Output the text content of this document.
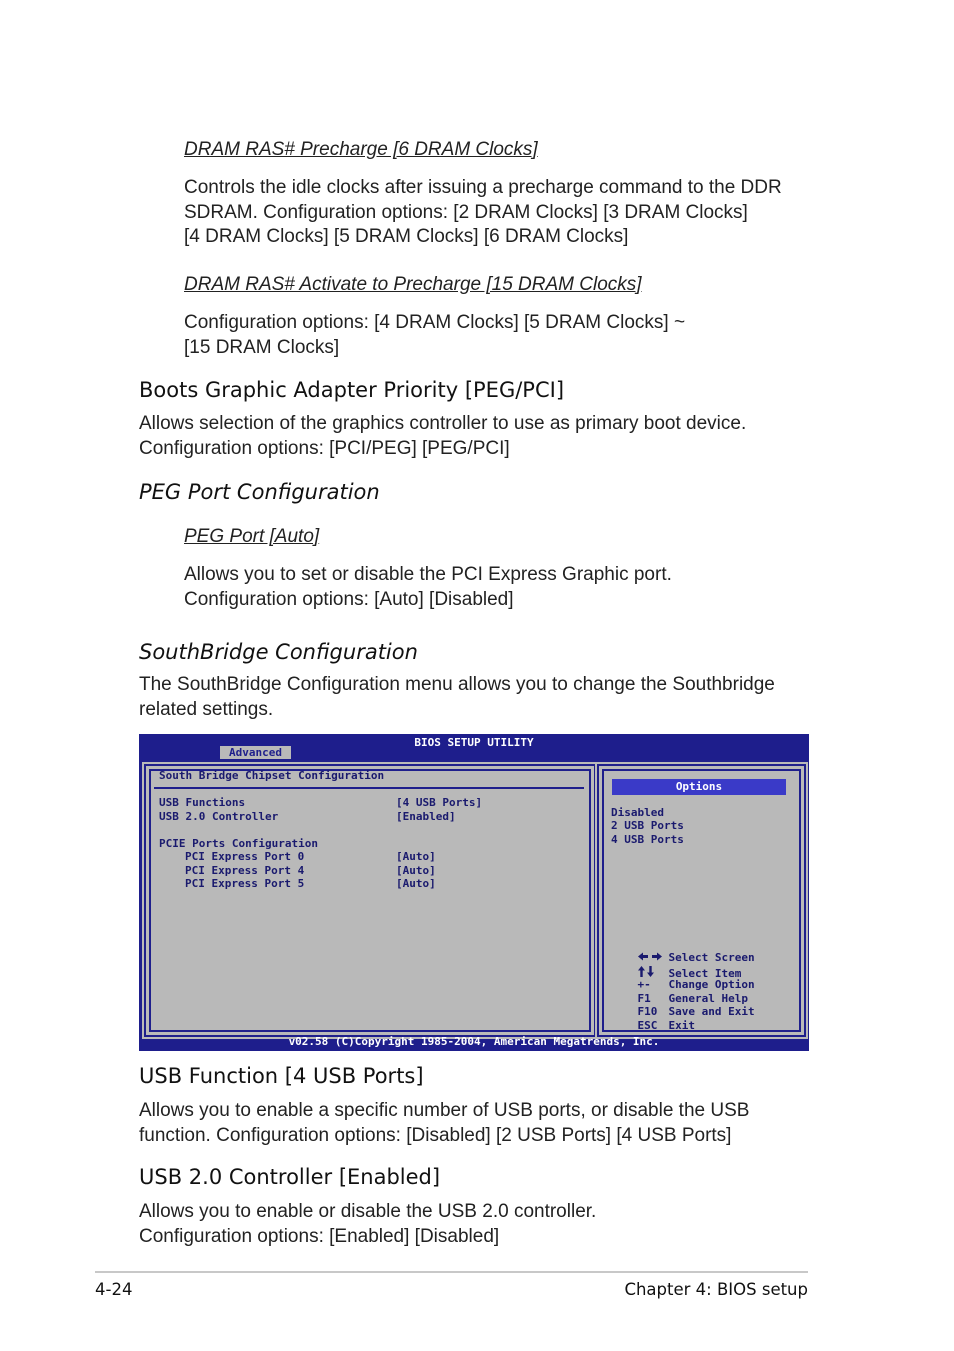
DRAM RAS# Precharge [6 DRAM Clocks]
Controls the idle clocks after issuing a precharge command to the DDR
SDRAM. Configuration options: [2 DRAM Clocks] [3 DRAM Clocks]
[4 DRAM Clocks] [5 DRAM Clocks] [6 DRAM Clocks]
DRAM RAS# Activate to Precharge [15 DRAM Clocks]
Configuration options: [4 DRAM Clocks] [5 DRAM Clocks] ~
[15 DRAM Clocks]
Boots Graphic Adapter Priority [PEG/PCI]
Allows selection of the graphics controller to use as primary boot device.
Configuration options: [PCI/PEG] [PEG/PCI]
PEG Port Configuration
PEG Port [Auto]
Allows you to set or disable the PCI Express Graphic port.
Configuration options: [Auto] [Disabled]
SouthBridge Configuration
The SouthBridge Configuration menu allows you to change the Southbridge
related settings.
BIOS SETUP UTILITY
Advanced
South Bridge Chipset Configuration
USB Functions	[4 USB Ports]
USB 2.0 Controller	[Enabled]
PCIE Ports Configuration
PCI Express Port 0	[Auto]
PCI Express Port 4	[Auto]
PCI Express Port 5	[Auto]
Options
Disabled
2 USB Ports
4 USB Ports

Select Screen

Select Item

+- Change Option

F1 General Help

F10 Save and Exit

ESC Exit

v02.58 (C)Copyright 1985-2004, American Megatrends, Inc.
USB Function [4 USB Ports]
Allows you to enable a specific number of USB ports, or disable the USB
function. Configuration options: [Disabled] [2 USB Ports] [4 USB Ports]
USB 2.0 Controller [Enabled]
Allows you to enable or disable the USB 2.0 controller.
Configuration options: [Enabled] [Disabled]
4-24	Chapter 4: BIOS setup
